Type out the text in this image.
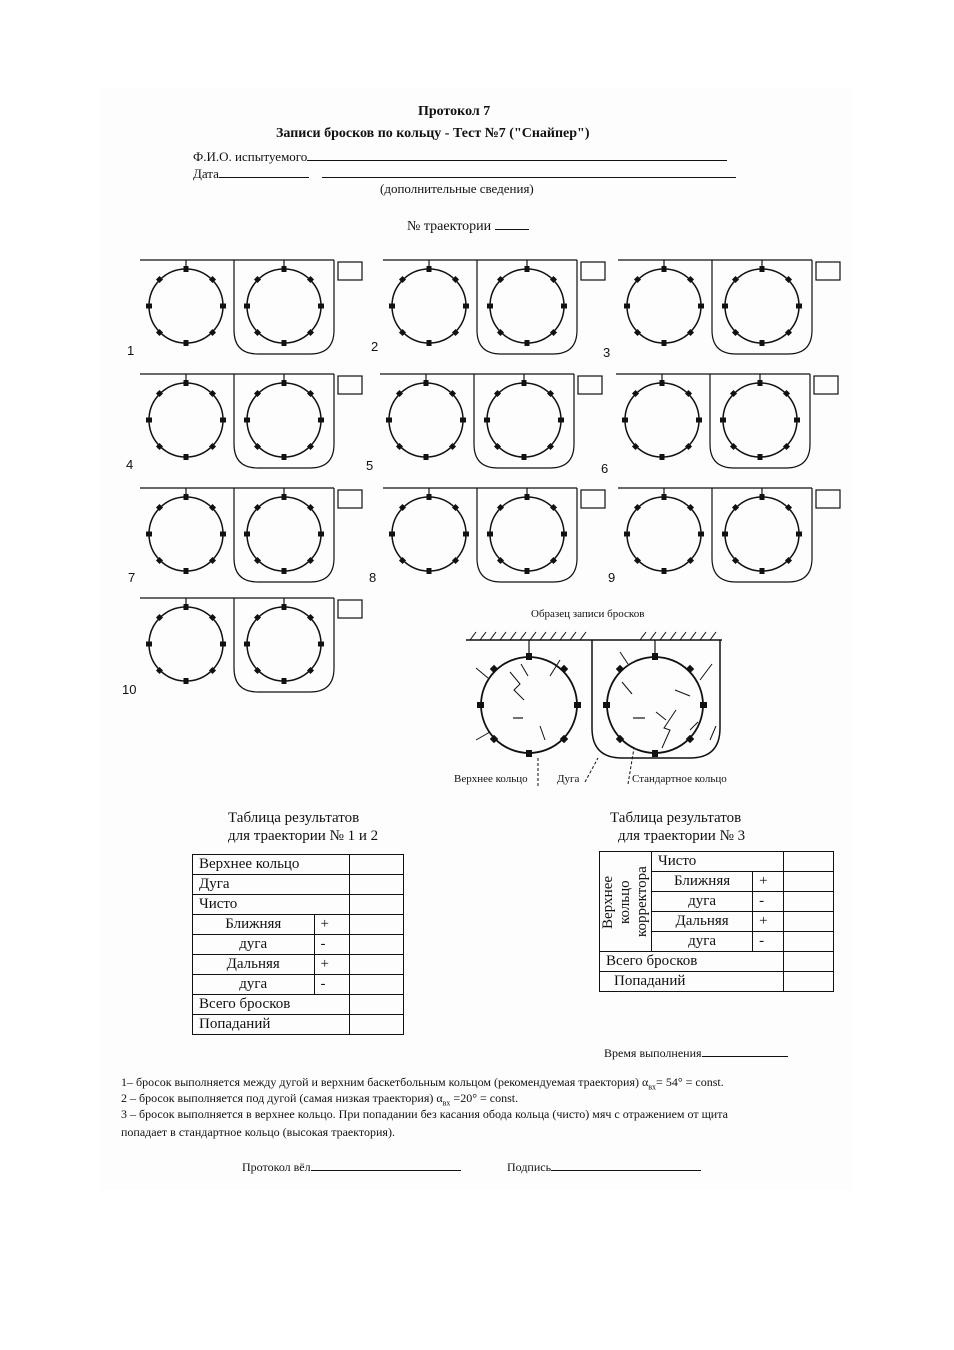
Протокол 7
Записи бросков по кольцу - Тест №7 ("Снайпер")
Ф.И.О. испытуемого
Дата
(дополнительные сведения)
№ траектории
1	2	3
4	5	6
7	8	9
10
Образец записи бросков
Верхнее кольцо	Дуга	Стандартное кольцо
Таблица результатов
для траектории № 1 и 2
Верхнее кольцо		
Дуга		
Чисто		
Ближняя	+	
дуга	-	
Дальняя	+	
дуга	-	
Всего бросков		
Попаданий		
Таблица результатов
для траектории № 3
Верхнее кольцо корректора	Чисто		
	Ближняя	+	
	дуга	-	
	Дальняя	+	
	дуга	-	
Всего бросков			
Попаданий			
Время выполнения
1– бросок выполняется между дугой и верхним баскетбольным кольцом (рекомендуемая траектория) $\alpha_{вх}= 54^\circ$ = const.
2 – бросок выполняется под дугой (самая низкая траектория) $\alpha_{вх} =20^\circ$ = const.
3 – бросок выполняется в верхнее кольцо. При попадании без касания обода кольца (чисто) мяч с отражением от щита
попадает в стандартное кольцо (высокая траектория).
Протокол вёл	Подпись
